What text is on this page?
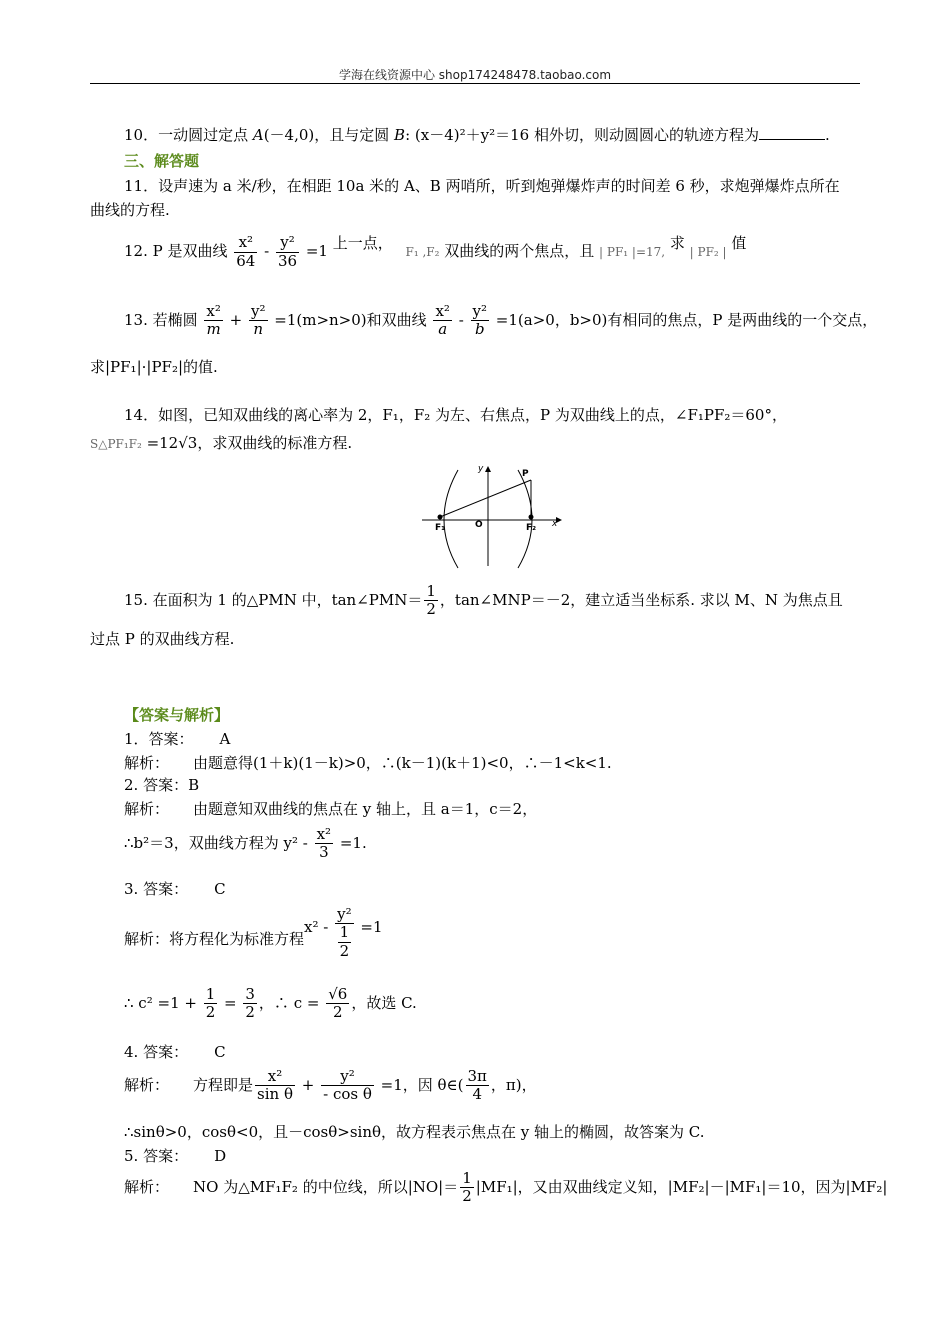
学海在线资源中心 shop174248478.taobao.com
10．一动圆过定点 A(－4,0)，且与定圆 B: (x－4)²＋y²＝16 相外切，则动圆圆心的轨迹方程为	.
三、解答题
11．设声速为 a 米/秒，在相距 10a 米的 A、B 两哨所，听到炮弹爆炸声的时间差 6 秒，求炮弹爆炸点所在
曲线的方程.
12. P 是双曲线 $\frac{\text{x²}}{64} - \frac{\text{y²}}{36} =1$ 上一点， F₁ ,F₂ 双曲线的两个焦点，且 | PF₁ |=17, 求 | PF₂ | 值
13. 若椭圆 $\frac{\text{x²}}{m} + \frac{\text{y²}}{n} =1(m>n>0)$和双曲线 $\frac{\text{x²}}{a} - \frac{\text{y²}}{b} =1(a>0$，b>0)有相同的焦点，P 是两曲线的一个交点，
求|PF₁|·|PF₂|的值.
14．如图，已知双曲线的离心率为 2，F₁，F₂ 为左、右焦点，P 为双曲线上的点，∠F₁PF₂＝60°，
S△PF₁F₂ =12√3，求双曲线的标准方程.
y
x
P
O
F₁	F₂
15. 在面积为 1 的△PMN 中，tan∠PMN＝ $\frac{1}{2}$ ，tan∠MNP＝－2，建立适当坐标系. 求以 M、N 为焦点且
过点 P 的双曲线方程.
【答案与解析】
1．答案： A
解析： 由题意得(1＋k)(1－k)>0，∴(k－1)(k＋1)<0，∴－1<k<1.
2. 答案：B
解析： 由题意知双曲线的焦点在 y 轴上，且 a＝1，c＝2，
∴b²＝3，双曲线方程为 $y^2 - \frac{\text{x²}}{3} =1$.
3. 答案： C
解析：将方程化为标准方程$x^2 - \frac{\text{y²}}{\frac{1}{2}} =1$
∴ $c^2 =1 + \frac{1}{2} = \frac{3}{2}$ ，∴ $c = \frac{√6}{2}$ ，故选 C.
4. 答案： C
解析： 方程即是 $\frac{\text{x²}}{\text{sin θ}} + \frac{\text{y²}}{\text{- cos θ}} =1$，因 θ∈( $\frac{3\pi}{4}$ ，π)，
∴sinθ>0，cosθ<0，且－cosθ>sinθ，故方程表示焦点在 y 轴上的椭圆，故答案为 C.
5. 答案： D
解析： NO 为△MF₁F₂ 的中位线，所以$|NO|= \frac{1}{2} |MF_1|$，又由双曲线定义知，|MF₂|－|MF₁|＝10，因为|MF₂|
